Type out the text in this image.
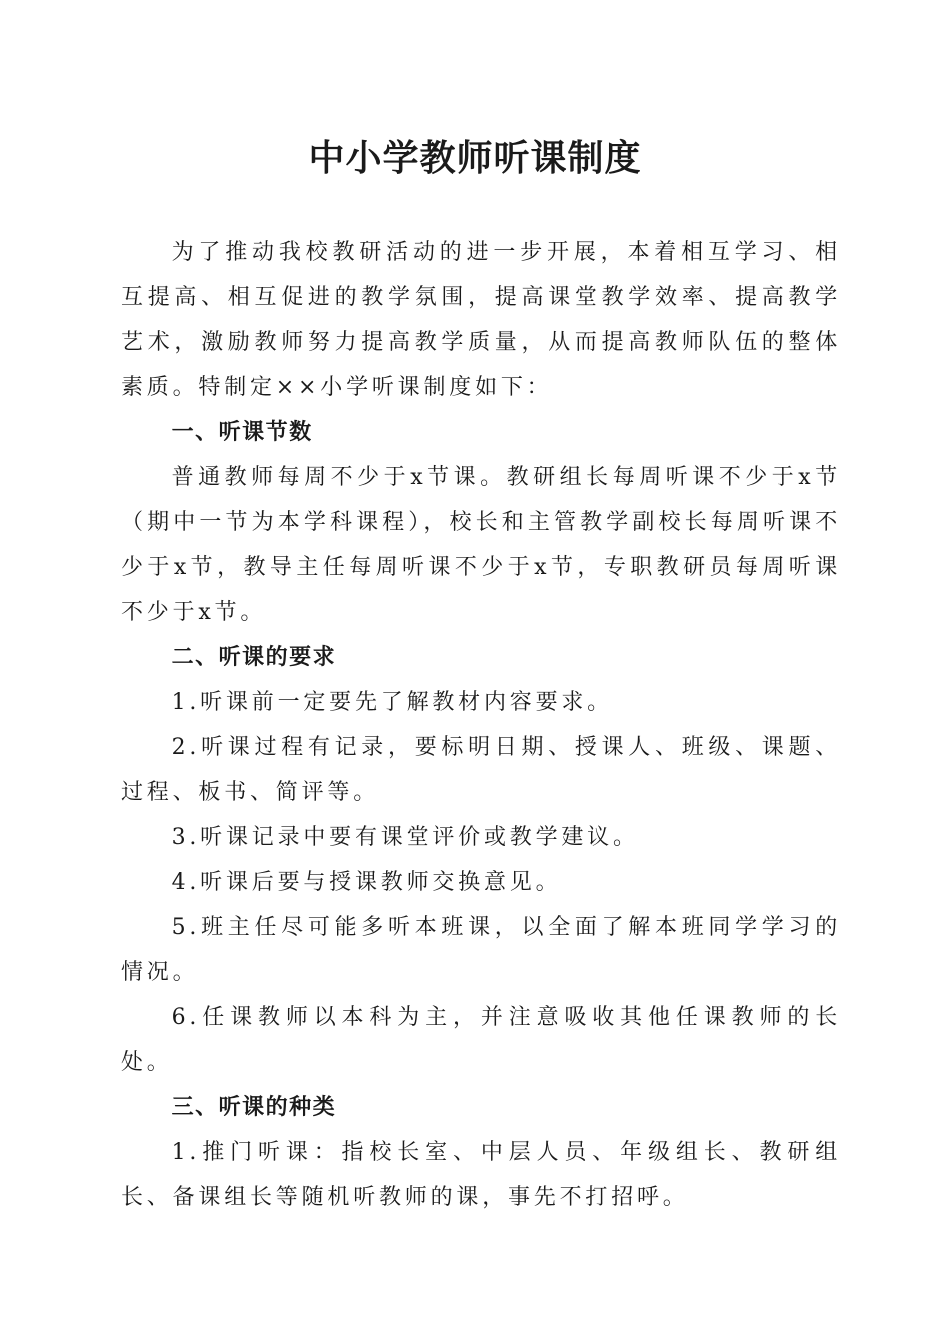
中小学教师听课制度

为了推动我校教研活动的进一步开展，本着相互学习、相互提高、相互促进的教学氛围，提高课堂教学效率、提高教学艺术，激励教师努力提高教学质量，从而提高教师队伍的整体素质。特制定××小学听课制度如下：

一、听课节数

普通教师每周不少于x节课。教研组长每周听课不少于x节（期中一节为本学科课程），校长和主管教学副校长每周听课不少于x节，教导主任每周听课不少于x节，专职教研员每周听课不少于x节。

二、听课的要求

1.听课前一定要先了解教材内容要求。

2.听课过程有记录，要标明日期、授课人、班级、课题、过程、板书、简评等。

3.听课记录中要有课堂评价或教学建议。

4.听课后要与授课教师交换意见。

5.班主任尽可能多听本班课，以全面了解本班同学学习的情况。

6.任课教师以本科为主，并注意吸收其他任课教师的长处。

三、听课的种类

1.推门听课：指校长室、中层人员、年级组长、教研组长、备课组长等随机听教师的课，事先不打招呼。
